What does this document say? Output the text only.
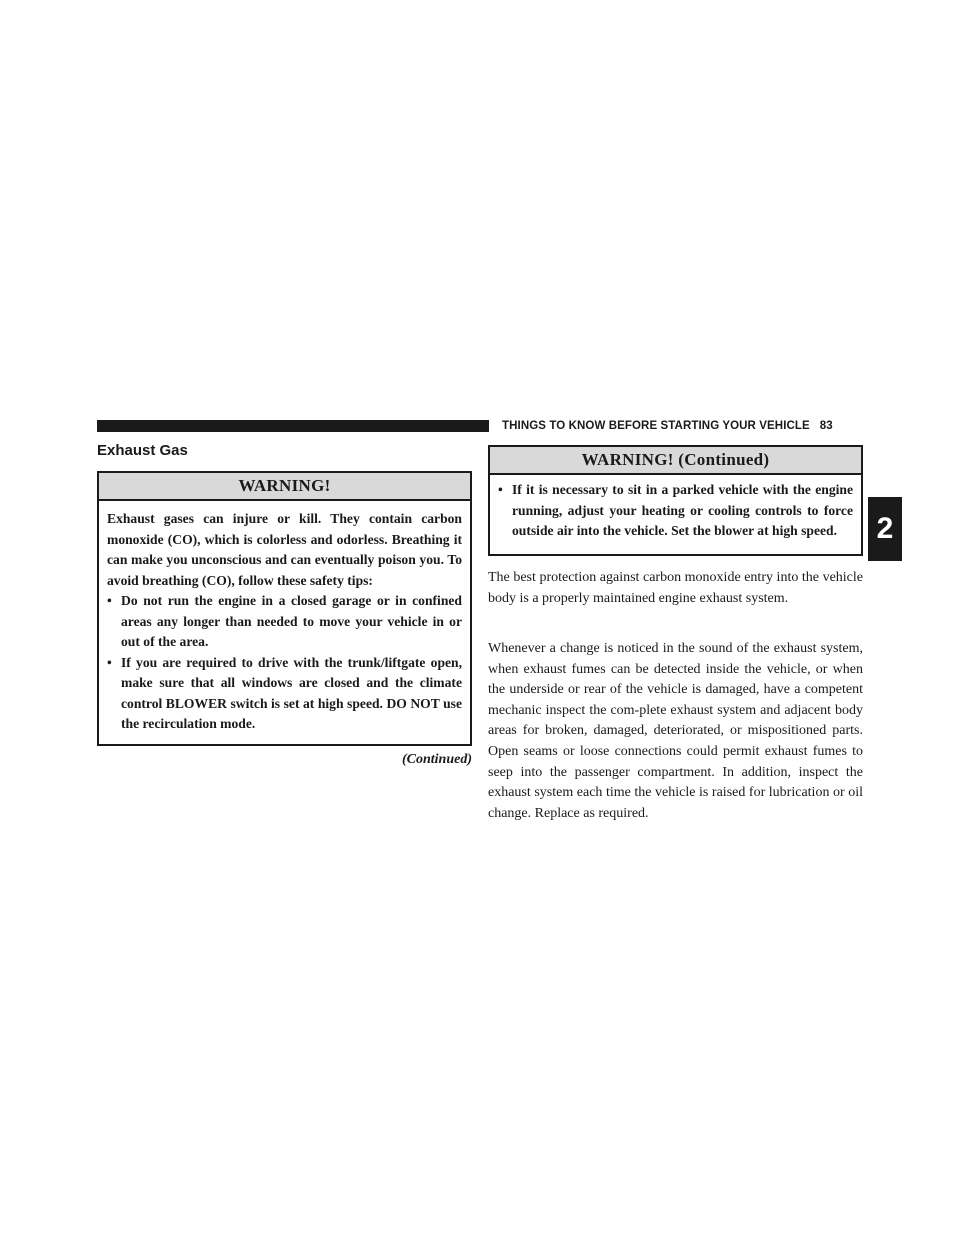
THINGS TO KNOW BEFORE STARTING YOUR VEHICLE 83
2
Exhaust Gas
WARNING!

Exhaust gases can injure or kill. They contain carbon monoxide (CO), which is colorless and odorless. Breathing it can make you unconscious and can eventually poison you. To avoid breathing (CO), follow these safety tips:

• Do not run the engine in a closed garage or in confined areas any longer than needed to move your vehicle in or out of the area.
• If you are required to drive with the trunk/liftgate open, make sure that all windows are closed and the climate control BLOWER switch is set at high speed. DO NOT use the recirculation mode.
(Continued)
WARNING! (Continued)
• If it is necessary to sit in a parked vehicle with the engine running, adjust your heating or cooling controls to force outside air into the vehicle. Set the blower at high speed.

The best protection against carbon monoxide entry into the vehicle body is a properly maintained engine exhaust system.

Whenever a change is noticed in the sound of the exhaust system, when exhaust fumes can be detected inside the vehicle, or when the underside or rear of the vehicle is damaged, have a competent mechanic inspect the com-plete exhaust system and adjacent body areas for broken, damaged, deteriorated, or mispositioned parts. Open seams or loose connections could permit exhaust fumes to seep into the passenger compartment. In addition, inspect the exhaust system each time the vehicle is raised for lubrication or oil change. Replace as required.
